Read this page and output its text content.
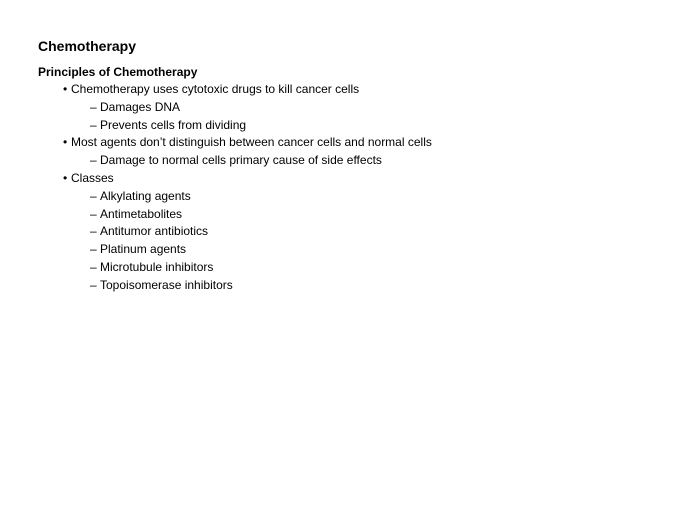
Chemotherapy
Principles of Chemotherapy
• Chemotherapy uses cytotoxic drugs to kill cancer cells
– Damages DNA
– Prevents cells from dividing
• Most agents don’t distinguish between cancer cells and normal cells
– Damage to normal cells primary cause of side effects
• Classes
– Alkylating agents
– Antimetabolites
– Antitumor antibiotics
– Platinum agents
– Microtubule inhibitors
– Topoisomerase inhibitors
